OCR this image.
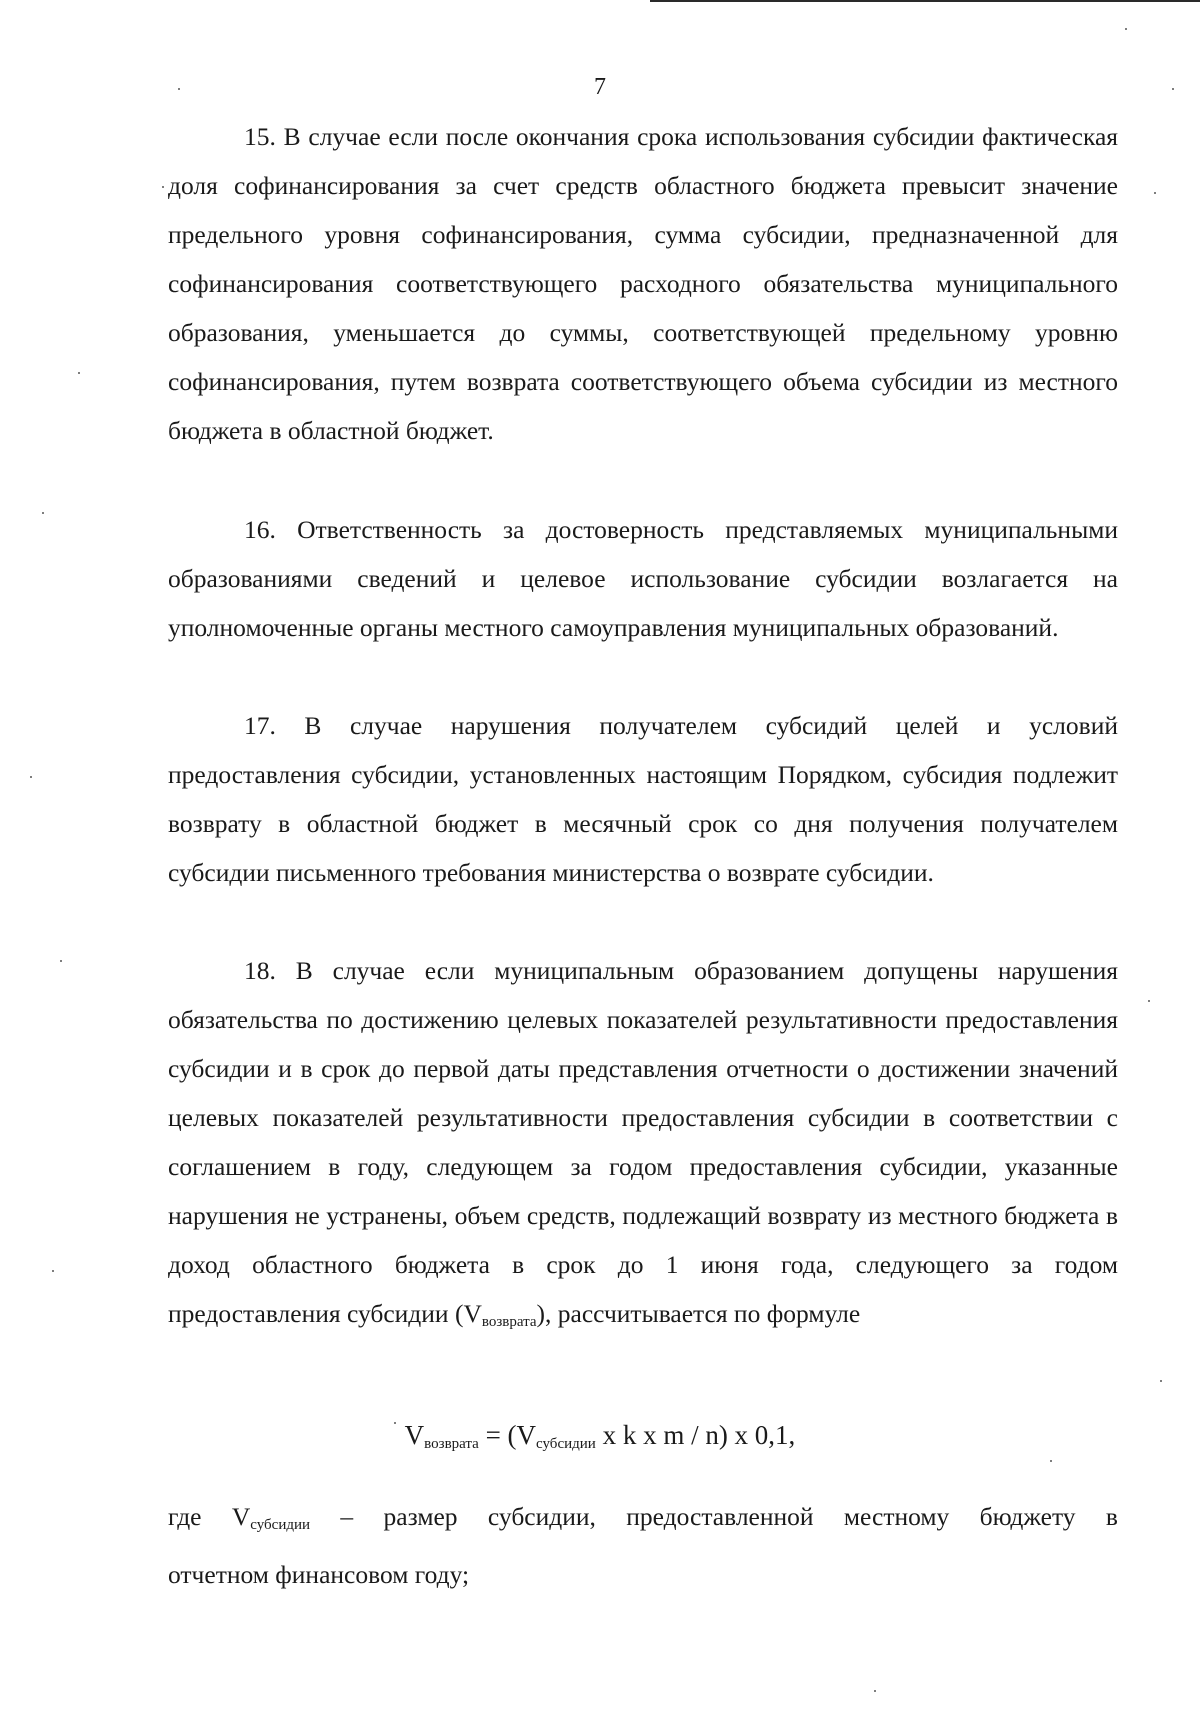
7

15. В случае если после окончания срока использования субсидии фактическая доля софинансирования за счет средств областного бюджета превысит значение предельного уровня софинансирования, сумма субсидии, предназначенной для софинансирования соответствующего расходного обязательства муниципального образования, уменьшается до суммы, соответствующей предельному уровню софинансирования, путем возврата соответствующего объема субсидии из местного бюджета в областной бюджет.

16. Ответственность за достоверность представляемых муниципальными образованиями сведений и целевое использование субсидии возлагается на уполномоченные органы местного самоуправления муниципальных образований.

17. В случае нарушения получателем субсидий целей и условий предоставления субсидии, установленных настоящим Порядком, субсидия подлежит возврату в областной бюджет в месячный срок со дня получения получателем субсидии письменного требования министерства о возврате субсидии.

18. В случае если муниципальным образованием допущены нарушения обязательства по достижению целевых показателей результативности предоставления субсидии и в срок до первой даты представления отчетности о достижении значений целевых показателей результативности предоставления субсидии в соответствии с соглашением в году, следующем за годом предоставления субсидии, указанные нарушения не устранены, объем средств, подлежащий возврату из местного бюджета в доход областного бюджета в срок до 1 июня года, следующего за годом предоставления субсидии $(V_{возврата})$, рассчитывается по формуле

$V_{возврата} = (V_{субсидии}$ x k x m / n) x 0,1,
где $V_{субсидии}$ – размер субсидии, предоставленной местному бюджету в
отчетном финансовом году;
